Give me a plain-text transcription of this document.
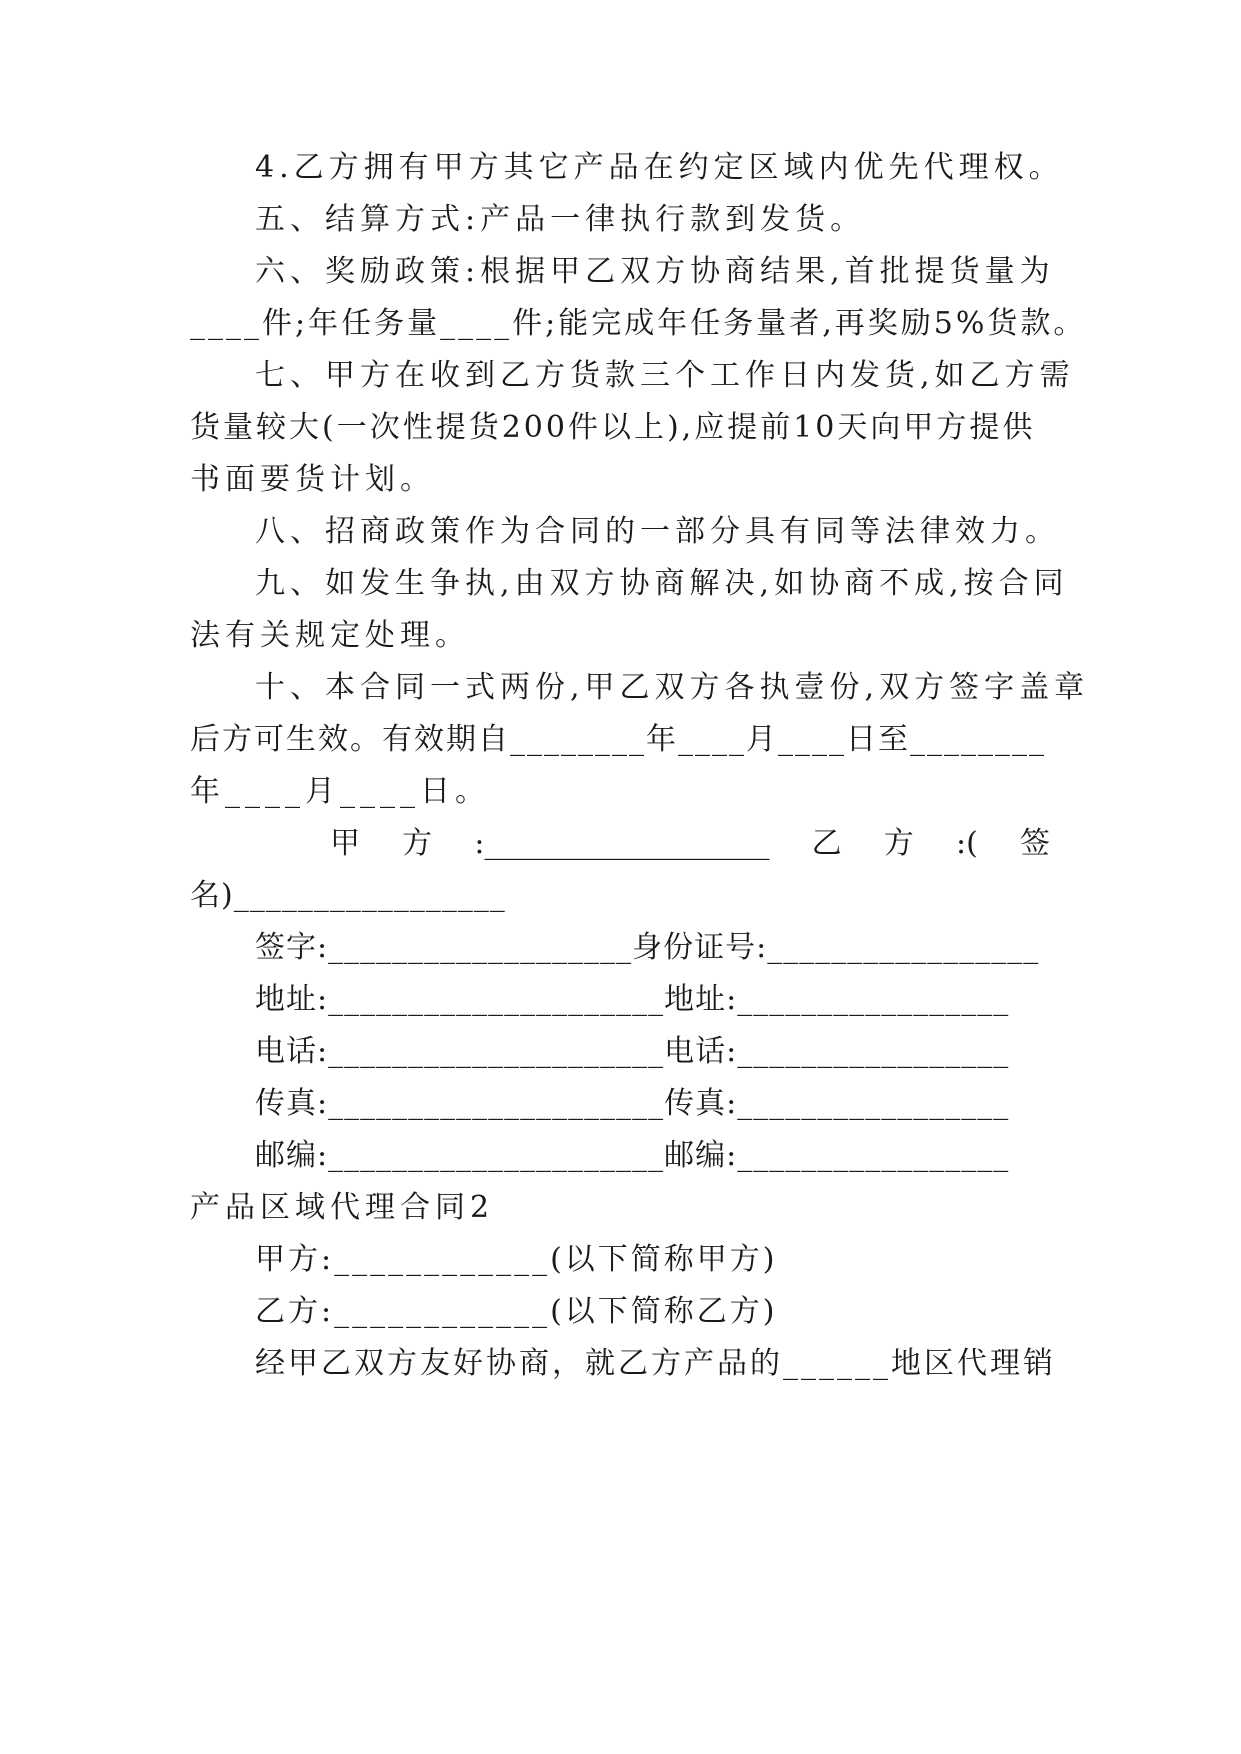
4.乙方拥有甲方其它产品在约定区域内优先代理权。
五、结算方式:产品一律执行款到发货。
六、奖励政策:根据甲乙双方协商结果,首批提货量为
____件;年任务量____件;能完成年任务量者,再奖励5%货款。
七、甲方在收到乙方货款三个工作日内发货,如乙方需
货量较大(一次性提货200件以上),应提前10天向甲方提供
书面要货计划。
八、招商政策作为合同的一部分具有同等法律效力。
九、如发生争执,由双方协商解决,如协商不成,按合同
法有关规定处理。
十、本合同一式两份,甲乙双方各执壹份,双方签字盖章
后方可生效。有效期自________年____月____日至________
年____月____日。
甲 方 :___________________ 乙 方 :( 签
名)_________________
签字:___________________身份证号:_________________
地址:_____________________地址:_________________
电话:_____________________电话:_________________
传真:_____________________传真:_________________
邮编:_____________________邮编:_________________
产品区域代理合同2
甲方:____________(以下简称甲方)
乙方:____________(以下简称乙方)
经甲乙双方友好协商，就乙方产品的______地区代理销
